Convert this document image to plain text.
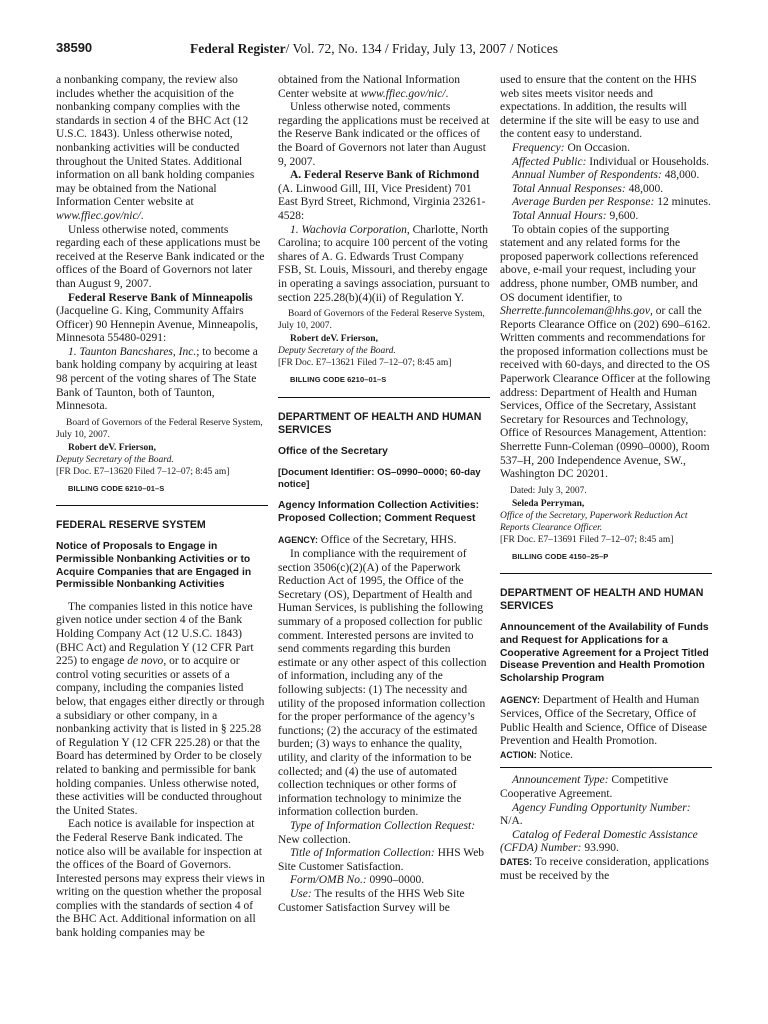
38590	Federal Register/ Vol. 72, No. 134 / Friday, July 13, 2007 / Notices

a nonbanking company, the review also includes whether the acquisition of the nonbanking company complies with the standards in section 4 of the BHC Act (12 U.S.C. 1843). Unless otherwise noted, nonbanking activities will be conducted throughout the United States. Additional information on all bank holding companies may be obtained from the National Information Center website at www.ffiec.gov/nic/.

Unless otherwise noted, comments regarding each of these applications must be received at the Reserve Bank indicated or the offices of the Board of Governors not later than August 9, 2007.

Federal Reserve Bank of Minneapolis (Jacqueline G. King, Community Affairs Officer) 90 Hennepin Avenue, Minneapolis, Minnesota 55480-0291:

1. Taunton Bancshares, Inc.; to become a bank holding company by acquiring at least 98 percent of the voting shares of The State Bank of Taunton, both of Taunton, Minnesota.

Board of Governors of the Federal Reserve System, July 10, 2007.

Robert deV. Frierson,

Deputy Secretary of the Board.

[FR Doc. E7–13620 Filed 7–12–07; 8:45 am]

BILLING CODE 6210–01–S

FEDERAL RESERVE SYSTEM
Notice of Proposals to Engage in Permissible Nonbanking Activities or to Acquire Companies that are Engaged in Permissible Nonbanking Activities

The companies listed in this notice have given notice under section 4 of the Bank Holding Company Act (12 U.S.C. 1843) (BHC Act) and Regulation Y (12 CFR Part 225) to engage de novo, or to acquire or control voting securities or assets of a company, including the companies listed below, that engages either directly or through a subsidiary or other company, in a nonbanking activity that is listed in § 225.28 of Regulation Y (12 CFR 225.28) or that the Board has determined by Order to be closely related to banking and permissible for bank holding companies. Unless otherwise noted, these activities will be conducted throughout the United States.

Each notice is available for inspection at the Federal Reserve Bank indicated. The notice also will be available for inspection at the offices of the Board of Governors. Interested persons may express their views in writing on the question whether the proposal complies with the standards of section 4 of the BHC Act. Additional information on all bank holding companies may be

obtained from the National Information Center website at www.ffiec.gov/nic/.

Unless otherwise noted, comments regarding the applications must be received at the Reserve Bank indicated or the offices of the Board of Governors not later than August 9, 2007.

A. Federal Reserve Bank of Richmond (A. Linwood Gill, III, Vice President) 701 East Byrd Street, Richmond, Virginia 23261-4528:

1. Wachovia Corporation, Charlotte, North Carolina; to acquire 100 percent of the voting shares of A. G. Edwards Trust Company FSB, St. Louis, Missouri, and thereby engage in operating a savings association, pursuant to section 225.28(b)(4)(ii) of Regulation Y.

Board of Governors of the Federal Reserve System, July 10, 2007.

Robert deV. Frierson,

Deputy Secretary of the Board.

[FR Doc. E7–13621 Filed 7–12–07; 8:45 am]

BILLING CODE 6210–01–S

DEPARTMENT OF HEALTH AND HUMAN SERVICES
Office of the Secretary
[Document Identifier: OS–0990–0000; 60-day notice]
Agency Information Collection Activities: Proposed Collection; Comment Request

AGENCY: Office of the Secretary, HHS.

In compliance with the requirement of section 3506(c)(2)(A) of the Paperwork Reduction Act of 1995, the Office of the Secretary (OS), Department of Health and Human Services, is publishing the following summary of a proposed collection for public comment. Interested persons are invited to send comments regarding this burden estimate or any other aspect of this collection of information, including any of the following subjects: (1) The necessity and utility of the proposed information collection for the proper performance of the agency’s functions; (2) the accuracy of the estimated burden; (3) ways to enhance the quality, utility, and clarity of the information to be collected; and (4) the use of automated collection techniques or other forms of information technology to minimize the information collection burden.

Type of Information Collection Request: New collection.

Title of Information Collection: HHS Web Site Customer Satisfaction.

Form/OMB No.: 0990–0000.

Use: The results of the HHS Web Site Customer Satisfaction Survey will be

used to ensure that the content on the HHS web sites meets visitor needs and expectations. In addition, the results will determine if the site will be easy to use and the content easy to understand.

Frequency: On Occasion.

Affected Public: Individual or Households.

Annual Number of Respondents: 48,000.

Total Annual Responses: 48,000.

Average Burden per Response: 12 minutes.

Total Annual Hours: 9,600.

To obtain copies of the supporting statement and any related forms for the proposed paperwork collections referenced above, e-mail your request, including your address, phone number, OMB number, and OS document identifier, to Sherrette.funncoleman@hhs.gov, or call the Reports Clearance Office on (202) 690–6162. Written comments and recommendations for the proposed information collections must be received with 60-days, and directed to the OS Paperwork Clearance Officer at the following address: Department of Health and Human Services, Office of the Secretary, Assistant Secretary for Resources and Technology, Office of Resources Management, Attention: Sherrette Funn-Coleman (0990–0000), Room 537–H, 200 Independence Avenue, SW., Washington DC 20201.

Dated: July 3, 2007.

Seleda Perryman,

Office of the Secretary, Paperwork Reduction Act Reports Clearance Officer.

[FR Doc. E7–13691 Filed 7–12–07; 8:45 am]

BILLING CODE 4150–25–P

DEPARTMENT OF HEALTH AND HUMAN SERVICES
Announcement of the Availability of Funds and Request for Applications for a Cooperative Agreement for a Project Titled Disease Prevention and Health Promotion Scholarship Program

AGENCY: Department of Health and Human Services, Office of the Secretary, Office of Public Health and Science, Office of Disease Prevention and Health Promotion.

ACTION: Notice.

Announcement Type: Competitive Cooperative Agreement.

Agency Funding Opportunity Number: N/A.

Catalog of Federal Domestic Assistance (CFDA) Number: 93.990.

DATES: To receive consideration, applications must be received by the
